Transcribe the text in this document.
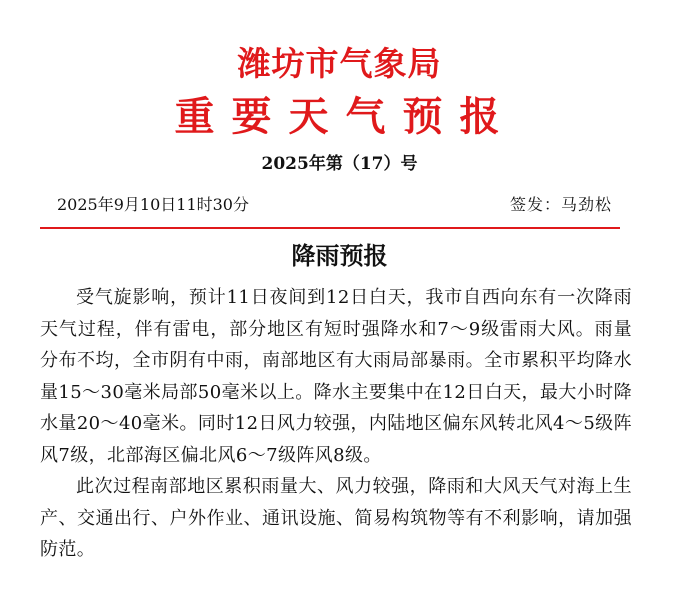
潍坊市气象局
重要天气预报
2025年第（17）号
2025年9月10日11时30分	签发：马劲松
降雨预报

受气旋影响，预计11日夜间到12日白天，我市自西向东有一次降雨天气过程，伴有雷电，部分地区有短时强降水和7～9级雷雨大风。雨量分布不均，全市阴有中雨，南部地区有大雨局部暴雨。全市累积平均降水量15～30毫米局部50毫米以上。降水主要集中在12日白天，最大小时降水量20～40毫米。同时12日风力较强，内陆地区偏东风转北风4～5级阵风7级，北部海区偏北风6～7级阵风8级。

此次过程南部地区累积雨量大、风力较强，降雨和大风天气对海上生产、交通出行、户外作业、通讯设施、简易构筑物等有不利影响，请加强防范。
